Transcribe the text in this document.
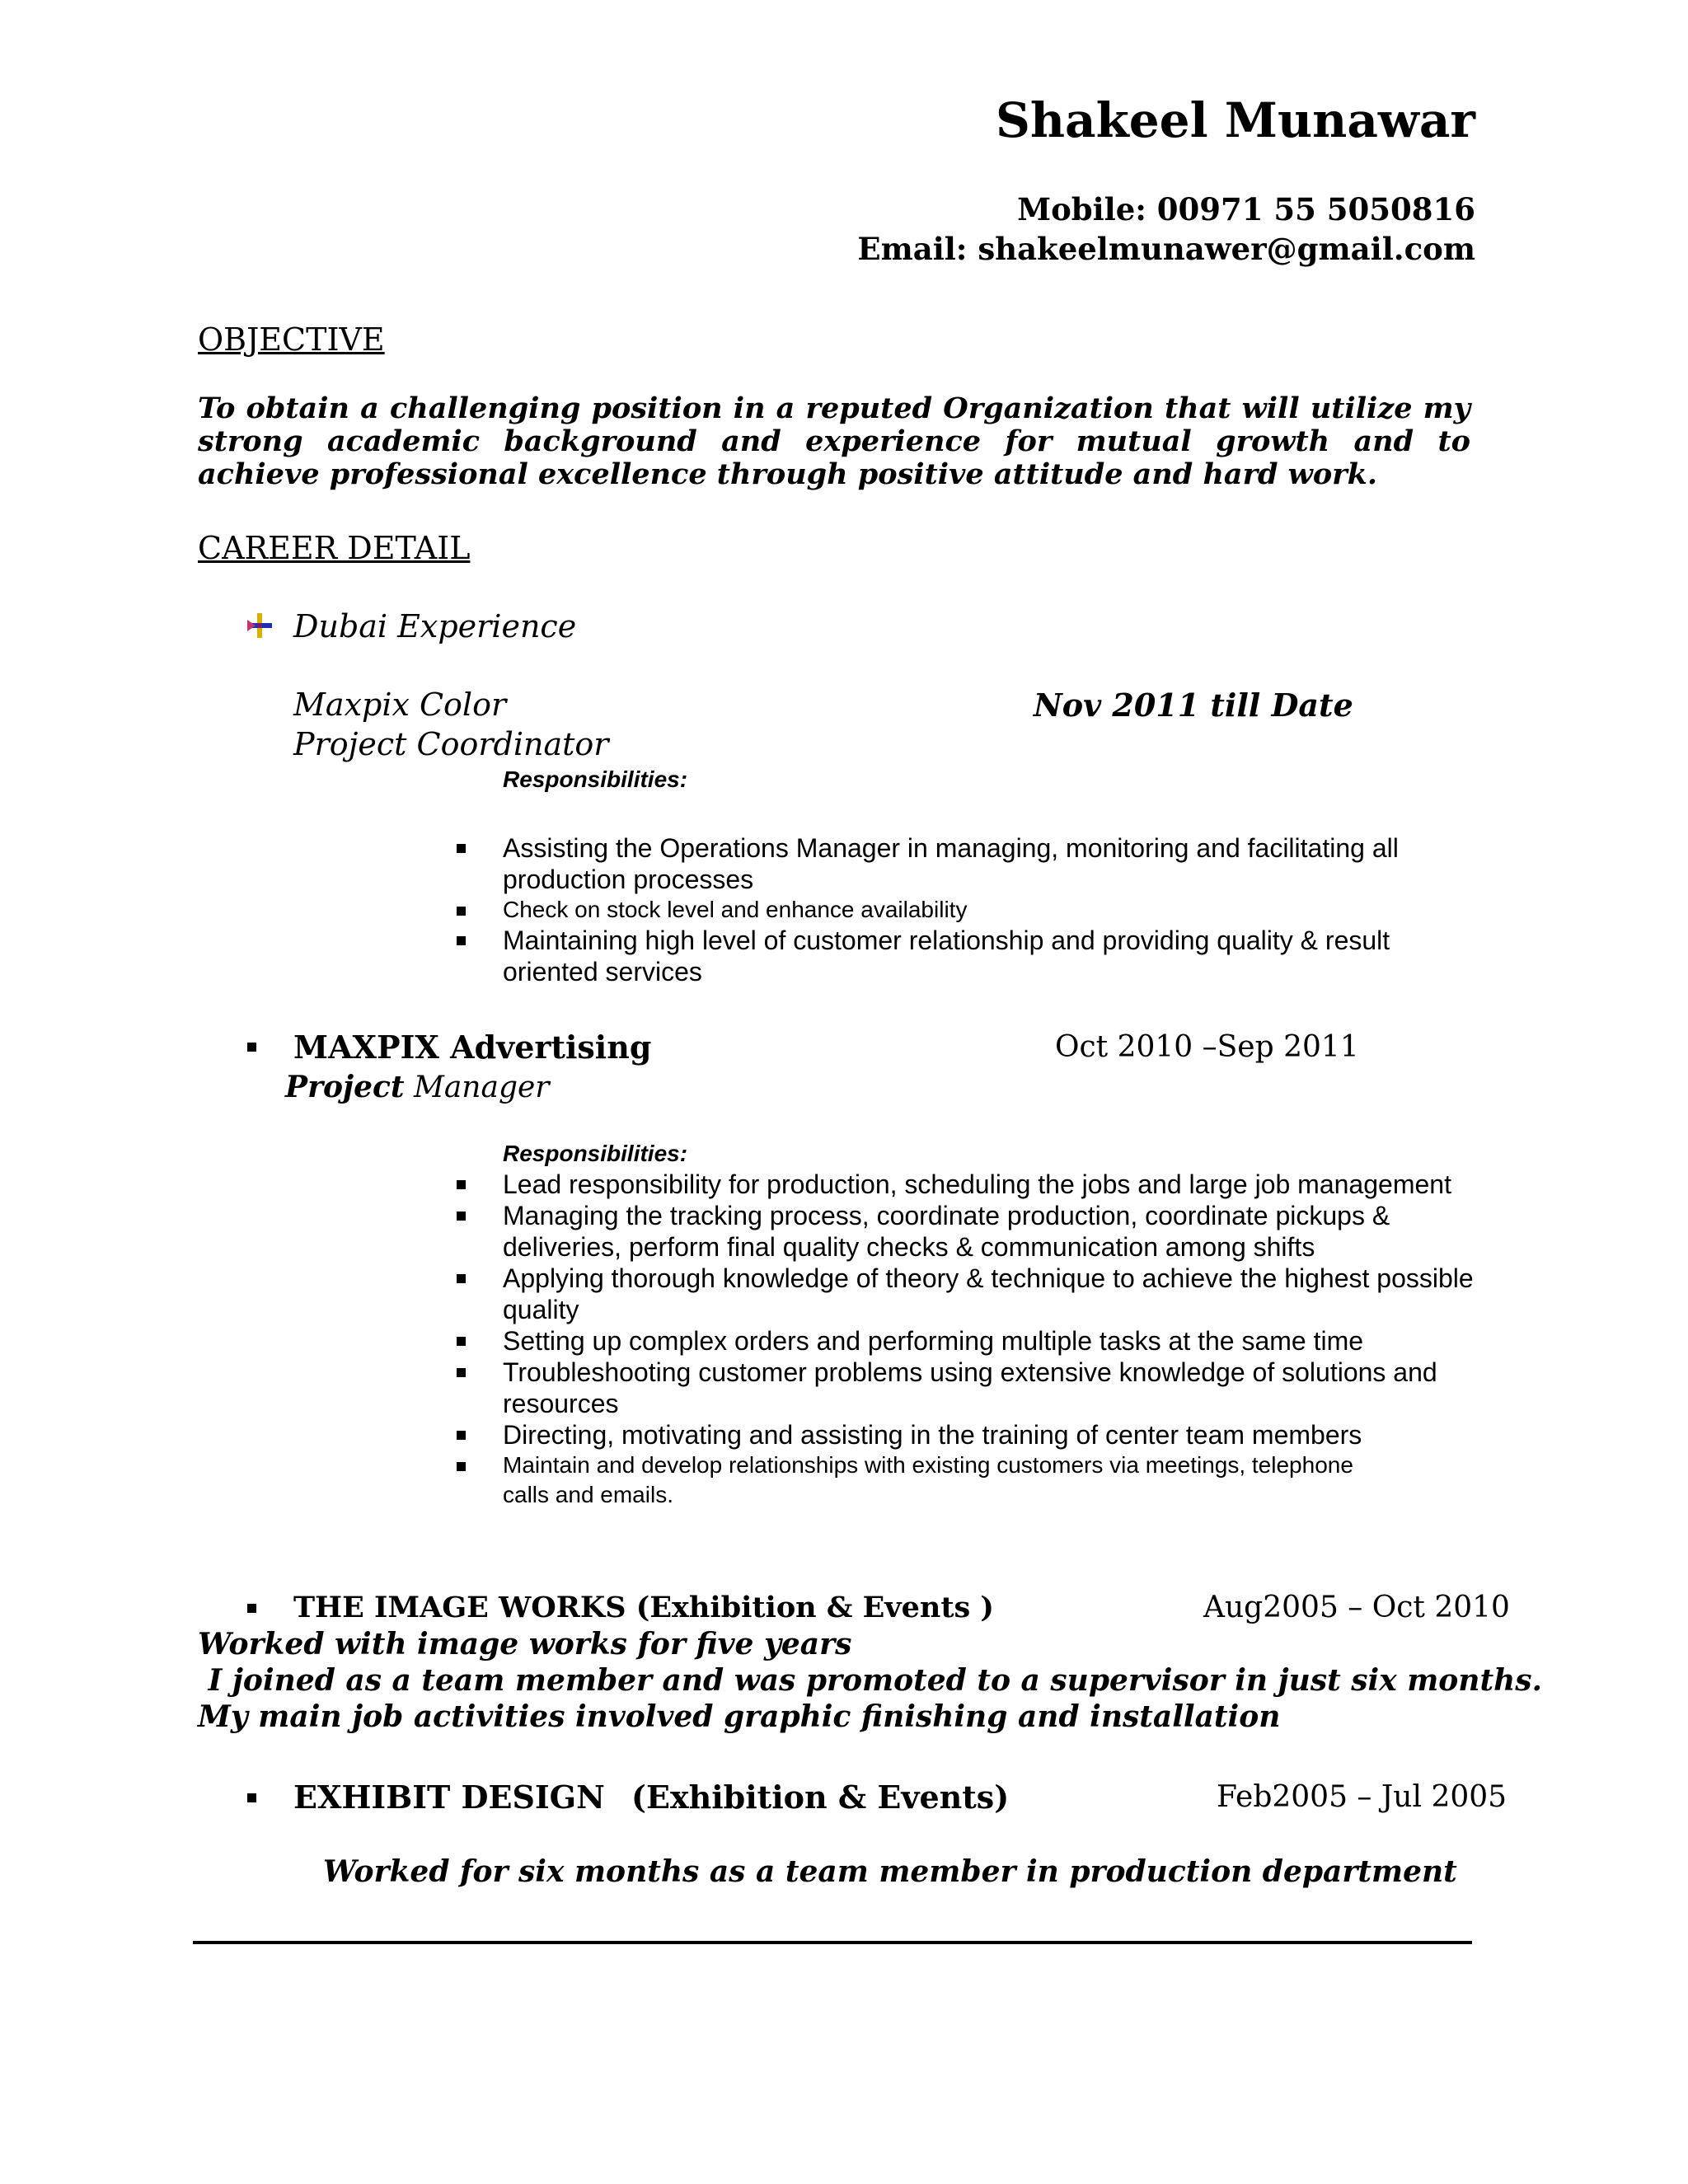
Shakeel Munawar
Mobile: 00971 55 5050816
Email: shakeelmunawer@gmail.com
OBJECTIVE

To obtain a challenging position in a reputed Organization that will utilize my strong academic background and experience for mutual growth and to achieve professional excellence through positive attitude and hard work.

CAREER DETAIL
Dubai Experience
Maxpix Color	Nov 2011 till Date
Project Coordinator
Responsibilities:
Assisting the Operations Manager in managing, monitoring and facilitating all production processes
Check on stock level and enhance availability
Maintaining high level of customer relationship and providing quality & result oriented services
MAXPIX Advertising	Oct 2010 –Sep 2011
Project Manager
Responsibilities:
Lead responsibility for production, scheduling the jobs and large job management
Managing the tracking process, coordinate production, coordinate pickups & deliveries, perform final quality checks & communication among shifts
Applying thorough knowledge of theory & technique to achieve the highest possible quality
Setting up complex orders and performing multiple tasks at the same time
Troubleshooting customer problems using extensive knowledge of solutions and resources
Directing, motivating and assisting in the training of center team members
Maintain and develop relationships with existing customers via meetings, telephone calls and emails.
THE IMAGE WORKS (Exhibition & Events )	Aug2005 – Oct 2010
Worked with image works for five years
I joined as a team member and was promoted to a supervisor in just six months.
My main job activities involved graphic finishing and installation
EXHIBIT DESIGN (Exhibition & Events)	Feb2005 – Jul 2005
Worked for six months as a team member in production department
